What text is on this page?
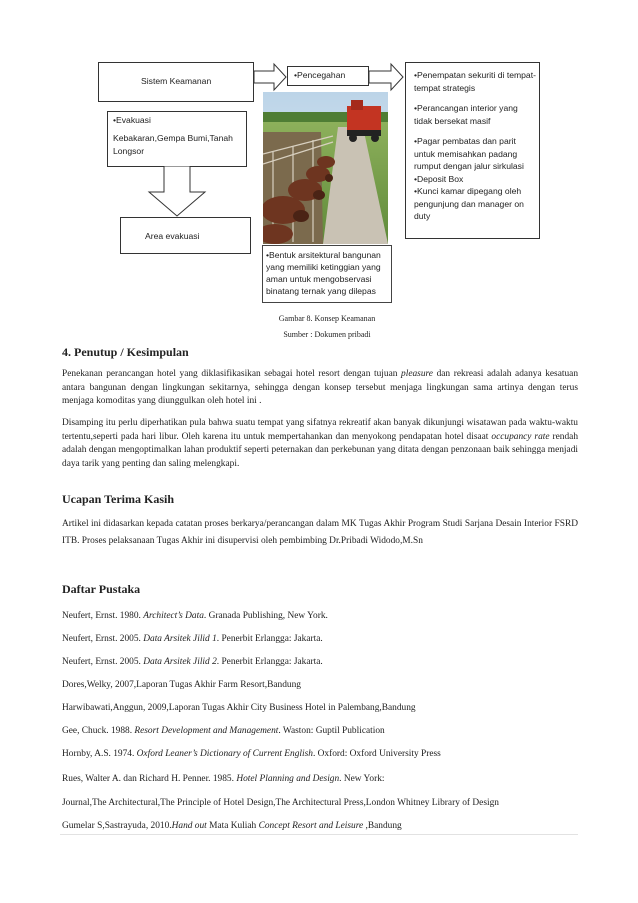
Sistem Keamanan
•Pencegahan
•Evakuasi
Kebakaran,Gempa Bumi,Tanah Longsor
Area evakuasi
•Bentuk arsitektural bangunan yang memiliki ketinggian yang aman untuk mengobservasi binatang ternak yang dilepas
•Penempatan sekuriti di tempat-tempat strategis
•Perancangan interior yang tidak bersekat masif
•Pagar pembatas dan parit untuk memisahkan padang rumput dengan jalur sirkulasi
•Deposit Box
•Kunci kamar dipegang oleh pengunjung dan manager on duty
Gambar 8. Konsep Keamanan
Sumber : Dokumen pribadi
4. Penutup / Kesimpulan
Penekanan perancangan hotel yang diklasifikasikan sebagai hotel resort dengan tujuan pleasure dan rekreasi adalah adanya kesatuan antara bangunan dengan lingkungan sekitarnya, sehingga dengan konsep tersebut menjaga lingkungan sama artinya dengan terus menjaga komoditas yang diunggulkan oleh hotel ini .
Disamping itu perlu diperhatikan pula bahwa suatu tempat yang sifatnya rekreatif akan banyak dikunjungi wisatawan pada waktu-waktu tertentu,seperti pada hari libur. Oleh karena itu untuk mempertahankan dan menyokong pendapatan hotel disaat occupancy rate rendah adalah dengan mengoptimalkan lahan produktif seperti peternakan dan perkebunan yang ditata dengan penzonaan baik sehingga menjadi daya tarik yang penting dan saling melengkapi.
Ucapan Terima Kasih
Artikel ini didasarkan kepada catatan proses berkarya/perancangan dalam MK Tugas Akhir Program Studi Sarjana Desain Interior FSRD ITB. Proses pelaksanaan Tugas Akhir ini disupervisi oleh pembimbing Dr.Pribadi Widodo,M.Sn
Daftar Pustaka
Neufert, Ernst. 1980. Architect’s Data. Granada Publishing, New York.
Neufert, Ernst. 2005. Data Arsitek Jilid 1. Penerbit Erlangga: Jakarta.
Neufert, Ernst. 2005. Data Arsitek Jilid 2. Penerbit Erlangga: Jakarta.
Dores,Welky, 2007,Laporan Tugas Akhir Farm Resort,Bandung
Harwibawati,Anggun, 2009,Laporan Tugas Akhir City Business Hotel in Palembang,Bandung
Gee, Chuck. 1988. Resort Development and Management. Waston: Guptil Publication
Hornby, A.S. 1974. Oxford Leaner’s Dictionary of Current English. Oxford: Oxford University Press
Rues, Walter A. dan Richard H. Penner. 1985. Hotel Planning and Design. New York:
Journal,The Architectural,The Principle of Hotel Design,The Architectural Press,London Whitney Library of Design
Gumelar S,Sastrayuda, 2010.Hand out Mata Kuliah Concept Resort and Leisure ,Bandung
